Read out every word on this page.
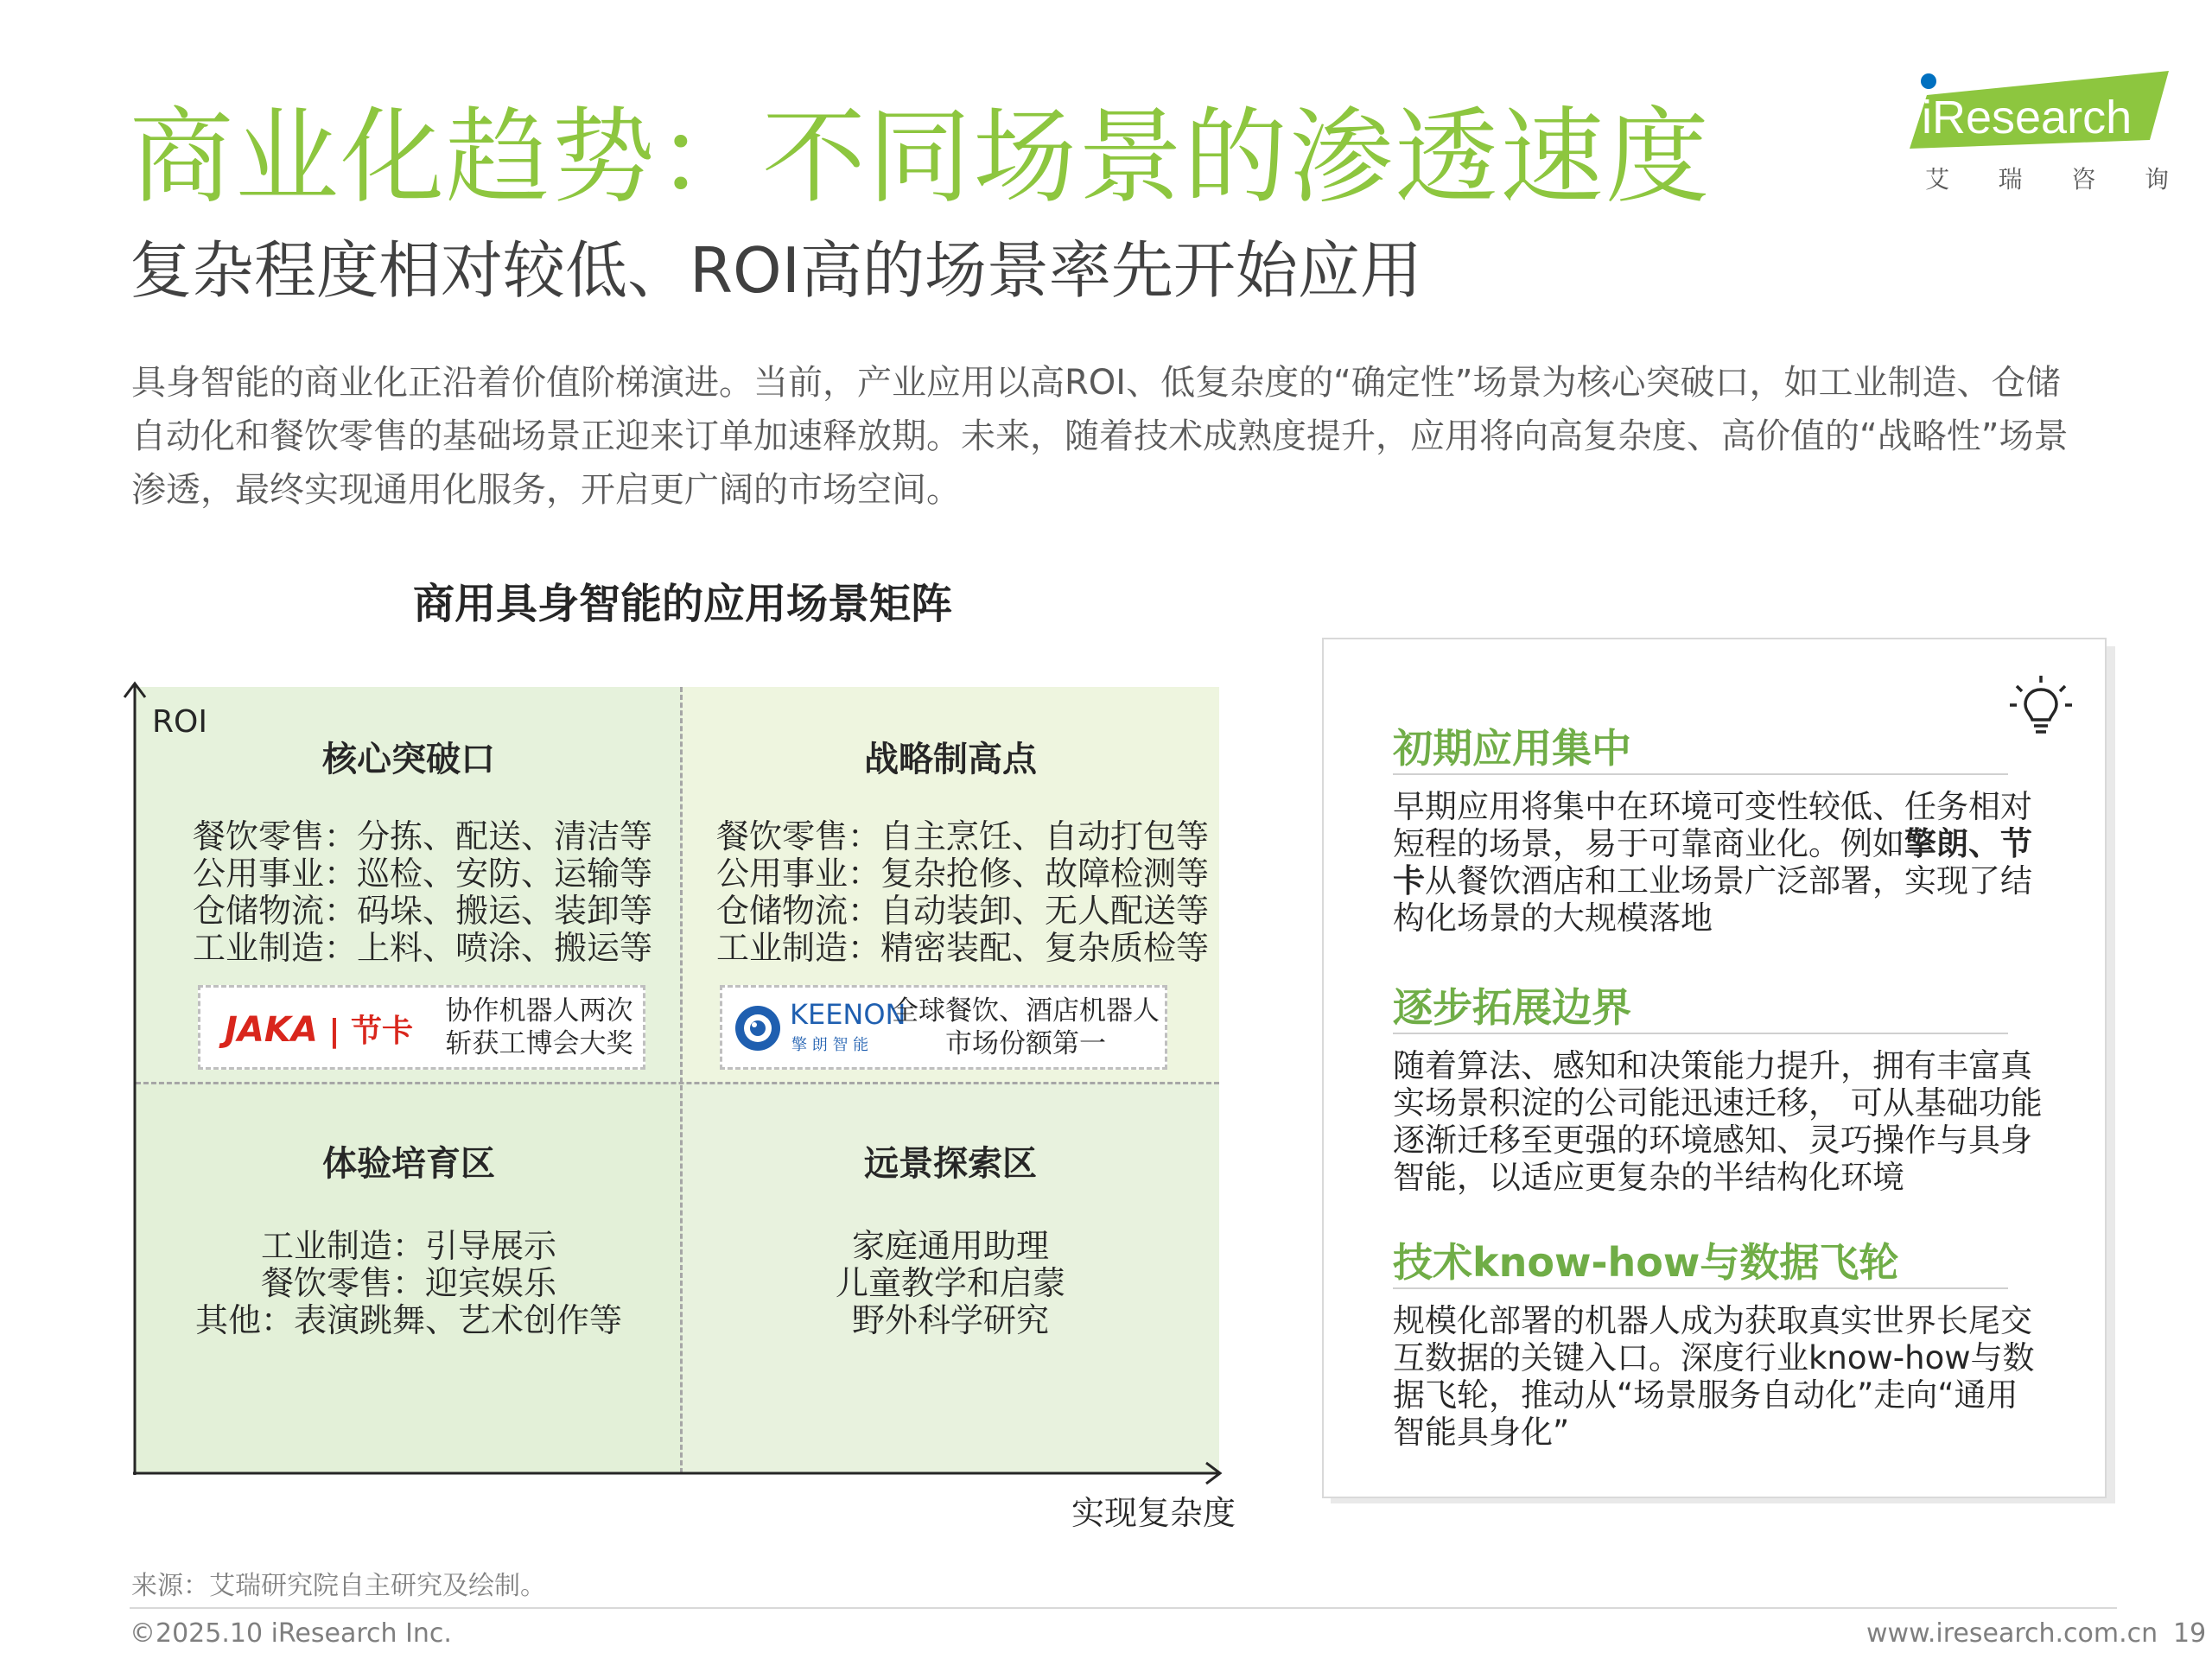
商业化趋势：不同场景的渗透速度
复杂程度相对较低、ROI高的场景率先开始应用
iResearch
艾 瑞 咨 询
具身智能的商业化正沿着价值阶梯演进。当前，产业应用以高ROI、低复杂度的“确定性”场景为核心突破口，如工业制造、仓储自动化和餐饮零售的基础场景正迎来订单加速释放期。未来，随着技术成熟度提升，应用将向高复杂度、高价值的“战略性”场景渗透，最终实现通用化服务，开启更广阔的市场空间。
商用具身智能的应用场景矩阵
核心突破口
餐饮零售：分拣、配送、清洁等
公用事业：巡检、安防、运输等
仓储物流：码垛、搬运、装卸等
工业制造：上料、喷涂、搬运等
JAKA | 节卡
协作机器人两次
斩获工博会大奖
战略制高点
餐饮零售：自主烹饪、自动打包等
公用事业：复杂抢修、故障检测等
仓储物流：自动装卸、无人配送等
工业制造：精密装配、复杂质检等
KEENON
擎 朗 智 能
全球餐饮、酒店机器人
市场份额第一
体验培育区
工业制造：引导展示
餐饮零售：迎宾娱乐
其他：表演跳舞、艺术创作等
远景探索区
家庭通用助理
儿童教学和启蒙
野外科学研究
ROI
实现复杂度
初期应用集中
早期应用将集中在环境可变性较低、任务相对短程的场景，易于可靠商业化。例如擎朗、节卡从餐饮酒店和工业场景广泛部署，实现了结构化场景的大规模落地
逐步拓展边界
随着算法、感知和决策能力提升，拥有丰富真实场景积淀的公司能迅速迁移， 可从基础功能逐渐迁移至更强的环境感知、灵巧操作与具身智能，以适应更复杂的半结构化环境
技术know-how与数据飞轮
规模化部署的机器人成为获取真实世界长尾交互数据的关键入口。深度行业know-how与数据飞轮，推动从“场景服务自动化”走向“通用智能具身化”
来源：艾瑞研究院自主研究及绘制。
©2025.10 iResearch Inc.	www.iresearch.com.cn 19
